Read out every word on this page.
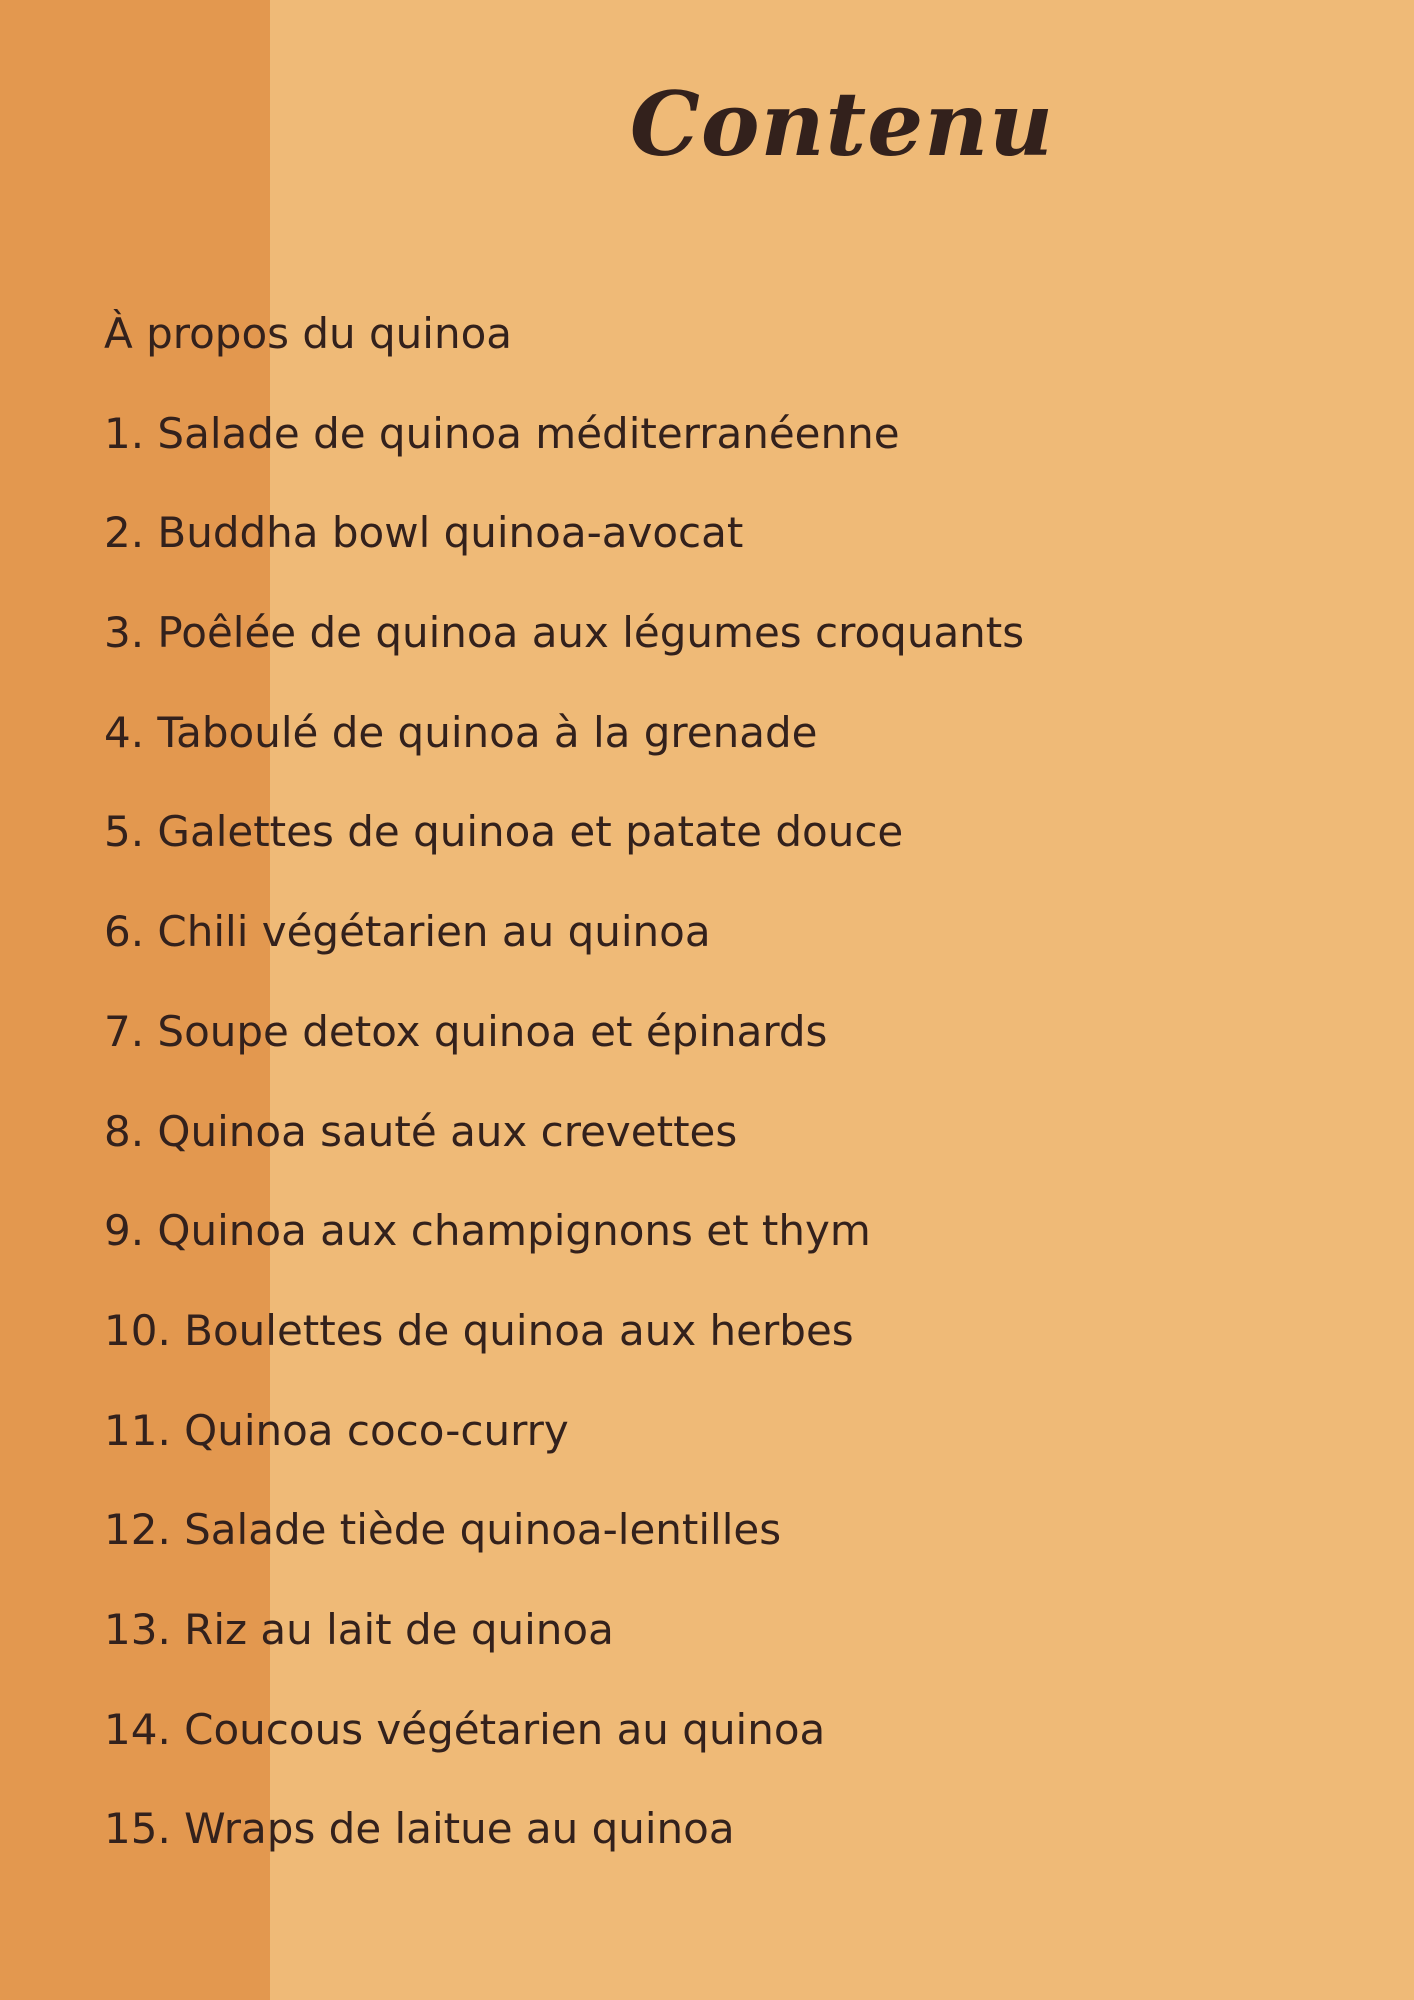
Contenu
À propos du quinoa
1. Salade de quinoa méditerranéenne
2. Buddha bowl quinoa-avocat
3. Poêlée de quinoa aux légumes croquants
4. Taboulé de quinoa à la grenade
5. Galettes de quinoa et patate douce
6. Chili végétarien au quinoa
7. Soupe detox quinoa et épinards
8. Quinoa sauté aux crevettes
9. Quinoa aux champignons et thym
10. Boulettes de quinoa aux herbes
11. Quinoa coco-curry
12. Salade tiède quinoa-lentilles
13. Riz au lait de quinoa
14. Coucous végétarien au quinoa
15. Wraps de laitue au quinoa
